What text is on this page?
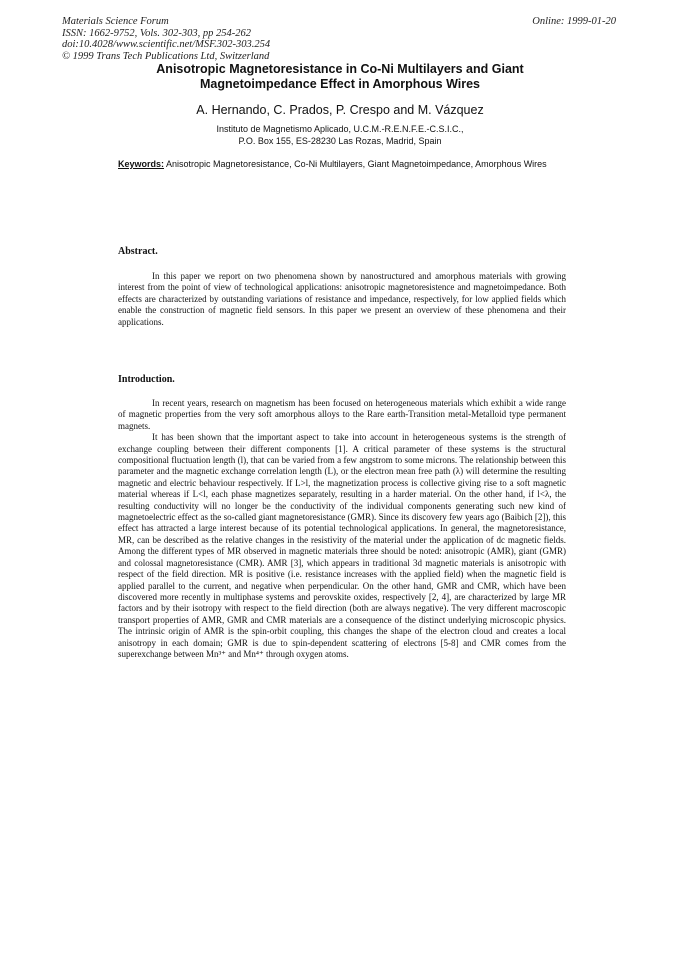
Materials Science Forum
ISSN: 1662-9752, Vols. 302-303, pp 254-262
doi:10.4028/www.scientific.net/MSF.302-303.254
© 1999 Trans Tech Publications Ltd, Switzerland
Online: 1999-01-20
Anisotropic Magnetoresistance in Co-Ni Multilayers and Giant
Magnetoimpedance Effect in Amorphous Wires
A. Hernando, C. Prados, P. Crespo and M. Vázquez
Instituto de Magnetismo Aplicado, U.C.M.-R.E.N.F.E.-C.S.I.C.,
P.O. Box 155, ES-28230 Las Rozas, Madrid, Spain
Keywords: Anisotropic Magnetoresistance, Co-Ni Multilayers, Giant Magnetoimpedance, Amorphous Wires
Abstract.

In this paper we report on two phenomena shown by nanostructured and amorphous materials with growing interest from the point of view of technological applications: anisotropic magnetoresistence and magnetoimpedance. Both effects are characterized by outstanding variations of resistance and impedance, respectively, for low applied fields which enable the construction of magnetic field sensors. In this paper we present an overview of these phenomena and their applications.

Introduction.

In recent years, research on magnetism has been focused on heterogeneous materials which exhibit a wide range of magnetic properties from the very soft amorphous alloys to the Rare earth-Transition metal-Metalloid type permanent magnets.

It has been shown that the important aspect to take into account in heterogeneous systems is the strength of exchange coupling between their different components [1]. A critical parameter of these systems is the structural compositional fluctuation length (l), that can be varied from a few angstrom to some microns. The relationship between this parameter and the magnetic exchange correlation length (L), or the electron mean free path (λ) will determine the resulting magnetic and electric behaviour respectively. If L>l, the magnetization process is collective giving rise to a soft magnetic material whereas if L<l, each phase magnetizes separately, resulting in a harder material. On the other hand, if l<λ, the resulting conductivity will no longer be the conductivity of the individual components generating such new kind of magnetoelectric effect as the so-called giant magnetoresistance (GMR). Since its discovery few years ago (Baibich [2]), this effect has attracted a large interest because of its potential technological applications. In general, the magnetoresistance, MR, can be described as the relative changes in the resistivity of the material under the application of dc magnetic fields. Among the different types of MR observed in magnetic materials three should be noted: anisotropic (AMR), giant (GMR) and colossal magnetoresistance (CMR). AMR [3], which appears in traditional 3d magnetic materials is anisotropic with respect of the field direction. MR is positive (i.e. resistance increases with the applied field) when the magnetic field is applied parallel to the current, and negative when perpendicular. On the other hand, GMR and CMR, which have been discovered more recently in multiphase systems and perovskite oxides, respectively [2, 4], are characterized by large MR factors and by their isotropy with respect to the field direction (both are always negative). The very different macroscopic transport properties of AMR, GMR and CMR materials are a consequence of the distinct underlying microscopic physics. The intrinsic origin of AMR is the spin-orbit coupling, this changes the shape of the electron cloud and creates a local anisotropy in each domain; GMR is due to spin-dependent scattering of electrons [5-8] and CMR comes from the superexchange between Mn³⁺ and Mn⁴⁺ through oxygen atoms.
